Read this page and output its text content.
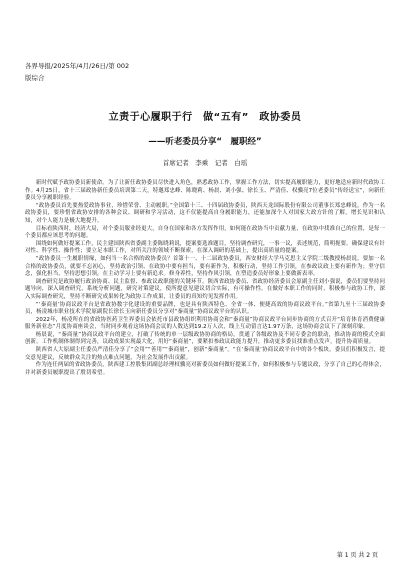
各界导报/2025年/4月/26日/第 002
版综合
立责于心履职于行　做“五有”　政协委员
——听老委员分享“　履职经”
首席记者　李乘　记者　白瑶

新时代赋予政协委员新使命。为了让新任政协委员尽快进入角色，熟悉政协工作，掌握工作方法，切实提高履职能力，更好地适应新时代政协工作。4月25日，省十三届政协新任委员培训第二天，特邀郑忠峰、陈晓莉、杨晨、刘小强、徐长玉、严清佳、权骥亮7位老委员“传经送宝”，向新任委员分享履职经验。

“政协委员首先要热爱政协事业，珍惜荣誉、主动履职。”全国第十三、十四届政协委员，陕西天龙国际股份有限公司董事长郑忠峰说，作为一名政协委员，要珍惜省政协安排的各种会议、调研和学习活动，这不仅能提高自身履职能力，还能加深个人对国家大政方针的了解，增长见识和认知，对个人能力是极大地提升。

目标看陕西时，经济大局，对个委员服业经更大，自身在国家和各方发挥作用，如何能在政协当中贡献力量，在政协中找准自己的位置，是每一个委员都应该思考的问题。

围绕如何做好提案工作，民主建国陕西省委副主委陈晓莉说，提案要选准题目，坚持调查研究，一事一议，表述规范，简明扼要。确保建议有针对性、科学性、操作性；要立足本职工作，对所关注的领域不断探索，在深入调研的基础上，提出高质量的提案。

“政协委员一生履职情缘，如何当一名合格的政协委员？首第十一、十二届政协委员，西安财经大学马克思主义学院二级教授杨晨说，要加一名合格的政协委员，就要不忘初心，坚持政治引领、在政协中要有担当，要有新作为，积极行动，坚持工作引领，在参政议政上要有新作为；坚守信念，强化担当，坚持思想引领，在主动学习上要有新追求。修身养性，坚持作风引领，在塑造委员好形象上要做新表率。

调查研究是政协履行政治协商、民主监督、参政议政职能的关键环节。陕西省政协委员、省政协经济委员会原副主任刘小强说，委员们要坚持问题导向，深入调查研究，系统分析问题，研究对策建议，使所提意见建议切合实际，有可操作性。在做好本职工作的同时，积极参与政协工作，深入实际调查研究，坚持不断研究成果转化为政协工作成果，让委员的真知灼见发挥作用。

“‘秦商量’协商议政平台是省政协数字化建设的重要品牌，也是具有陕西特色、全省一体、便捷高效的协商议政平台。”省第九至十三届政协委员，杨凌城市职业技术学院原副院长徐长玉向新任委员分享对“秦商量”协商议政平台的认识。

2022年，杨凌所在的省政协医药卫生界委员会依托市县政协组织利用协商会和“秦商量”协商议政平台同步协商的方式召开“培育体育消费健康服务新业态”月度协商座谈会，当时同步观看这场协商会议的人数达到19.2万人次，线上互动留言达1.97万条，这场协商会议下了深刻印象。

杨晨说，“秦商量”协商议政平台的建立，打破了传统的单一层级政协协商的格局，贯通了各级政协及不同专委会的联动，推动协商的模式全面创新。工作机制体制得到完善，议政成果实现最大化，用好“秦商量”，要紧扣参政议政能力提升，推动更多委员找准重点发声，提升协商质量。

陕西省人大原副主任委员严清佳分享了“会用”“善用”“秦商量”，创新“秦商量”。“在‘秦商量’协商议政平台中的各个板块，委员们积极发言，提交意见建议，反映群众关注的热点难点问题，为社会发展作出贡献。

作为连任两届的省政协委员，陕西建工控股集团副总经理权骥亮对新委员如何做好提案工作，如何积极参与专题议政，分享了自己的心得体会，并对新委员履职提出了殷切希望。

第 1 页 共 2 页
